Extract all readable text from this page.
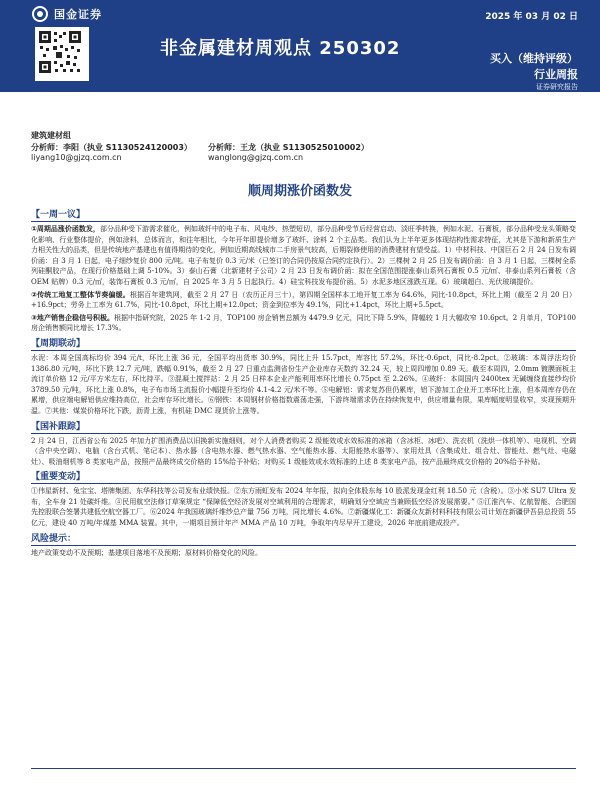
国金证券	2025 年 03 月 02 日
非金属建材周观点 250302	买入（维持评级）
行业周报
证券研究报告
建筑建材组
分析师：李阳（执业 S1130524120003）
liyang10@gjzq.com.cn
分析师：王龙（执业 S1130525010002）
wanglong@gjzq.com.cn
顺周期涨价函数发
【一周一议】

①周期品涨价函数发，部分品种受下游需求催化，例如玻纤中的电子布、风电纱、热塑短切，部分品种受节后经营启动、淡旺季转换，例如水泥、石膏板，部分品种受龙头策略变化影响、行业整体提价，例如涂料，总体而言，和往年相比，今年开年即提价增多了玻纤、涂料 2 个主品类。我们认为上半年更多体现结构性需求特征，尤其是下游和新质生产力相关性大的品类，但是传统地产基建也有值得期待的变化，例如近期高线城市二手房景气较高，后期裂修使用的消费建材有望受益。1）中材科技、中国巨石 2 月 24 日发布调价函：自 3 月 1 日起，电子细纱复价 800 元/吨。电子布复价 0.3 元/米（已签订的合同仍按原合同约定执行）。2）三棵树 2 月 25 日发布调价函：自 3 月 1 日起，三棵树全系列硅酮胶产品，在现行价格基础上调 5-10%。3）泰山石膏（北新建材子公司）2 月 23 日发布调价函：拟在全国范围提涨泰山系列石膏板 0.5 元/㎡、非泰山系列石膏板（含 OEM 贴牌）0.3 元/㎡，装饰石膏板 0.3 元/㎡，自 2025 年 3 月 5 日起执行。4）硅宝科技发布提价函。5）水泥多地区涨跌互现。6）玻璃超白、光伏玻璃提价。

②传统工地复工整体节奏偏缓。根据百年建筑网，截至 2 月 27 日（农历正月三十），第四期全国样本工地开复工率为 64.6%，同比-10.8pct，环比上期（截至 2 月 20 日）+16.9pct；劳务上工率为 61.7%，同比-10.8pct，环比上期+12.0pct；资金到位率为 49.1%，同比+1.4pct，环比上期+5.5pct。

③地产销售企稳信号积极。根据中指研究院，2025 年 1-2 月，TOP100 房企销售总额为 4479.9 亿元，同比下降 5.9%，降幅较 1 月大幅收窄 10.6pct。2 月单月，TOP100 房企销售额同比增长 17.3%。

【周期联动】

水泥：本周全国高标均价 394 元/t，环比上涨 36 元，全国平均出货率 30.9%，同比上升 15.7pct，库容比 57.2%，环比-0.6pct，同比-8.2pct。②玻璃：本周浮法均价 1386.80 元/吨，环比下跌 12.7 元/吨，跌幅 0.91%，截至 2 月 27 日重点监测省份生产企业库存天数约 32.24 天，较上周四增加 0.89 天。截至本周四，2.0mm 镀膜面板主流订单价格 12 元/平方米左右，环比持平。③混凝土搅拌站：2 月 25 日样本企业产能利用率环比增长 0.75pct 至 2.26%。④玻纤：本周国内 2400tex 无碱缠绕直接纱均价 3789.50 元/吨，环比上涨 0.8%，电子布市场主流报价小幅提升至均价 4.1-4.2 元/米不等。⑤电解铝：需求复苏但仍累库，铝下游加工企业开工率环比上涨，但本周库存仍在累增，供应端电解铝供应维持高位，社会库存环比增长。⑥钢铁：本周钢材价格指数震荡走强，下游终端需求仍在持续恢复中，供应增量有限，果库幅度明显收窄，实现预期升温。⑦其他：煤炭价格环比下跌，沥青上涨，有机硅 DMC 现货价上涨等。

【国补跟踪】

2 月 24 日，江西省公布 2025 年加力扩围消费品以旧换新实施细则，对个人消费者购买 2 级能效或水效标准的冰箱（含冰柜、冰吧）、洗衣机（洗烘一体机等）、电视机、空调（含中央空调）、电脑（含台式机、笔记本）、热水器（含电热水器、燃气热水器、空气能热水器、太阳能热水器等）、家用灶具（含集成灶、组合灶、智能灶、燃气灶、电磁灶）、吸油烟机等 8 类家电产品，按照产品最终成交价格的 15%给予补贴；对购买 1 级能效或水效标准的上述 8 类家电产品，按产品最终成交价格的 20%给予补贴。

【重要变动】

①伟星新材、兔宝宝、塔牌集团、东华科技等公司发布业绩快报。②东方雨虹发布 2024 年年报，拟向全体股东每 10 股派发现金红利 18.50 元（含税）。③小米 SU7 Ultra 发布，全车身 21 处碳纤维。④民用航空法修订草案规定 “保障低空经济发展对空域利用的合理需求，明确划分空域应当兼顾低空经济发展需要。” ⑤江淮汽车、亿航智能、合肥国先控股联合签署共建低空航空器工厂。⑥2024 年我国玻璃纤维纱总产量 756 万吨，同比增长 4.6%。⑦新疆煤化工：新疆众友新材料科技有限公司计划在新疆伊吾县总投资 55 亿元，建设 40 万吨/年煤基 MMA 装置。其中，一期项目预计年产 MMA 产品 10 万吨，争取年内尽早开工建设，2026 年底前建成投产。

风险提示：

地产政策变动不及预期；基建项目落地不及预期；原材料价格变化的风险。
